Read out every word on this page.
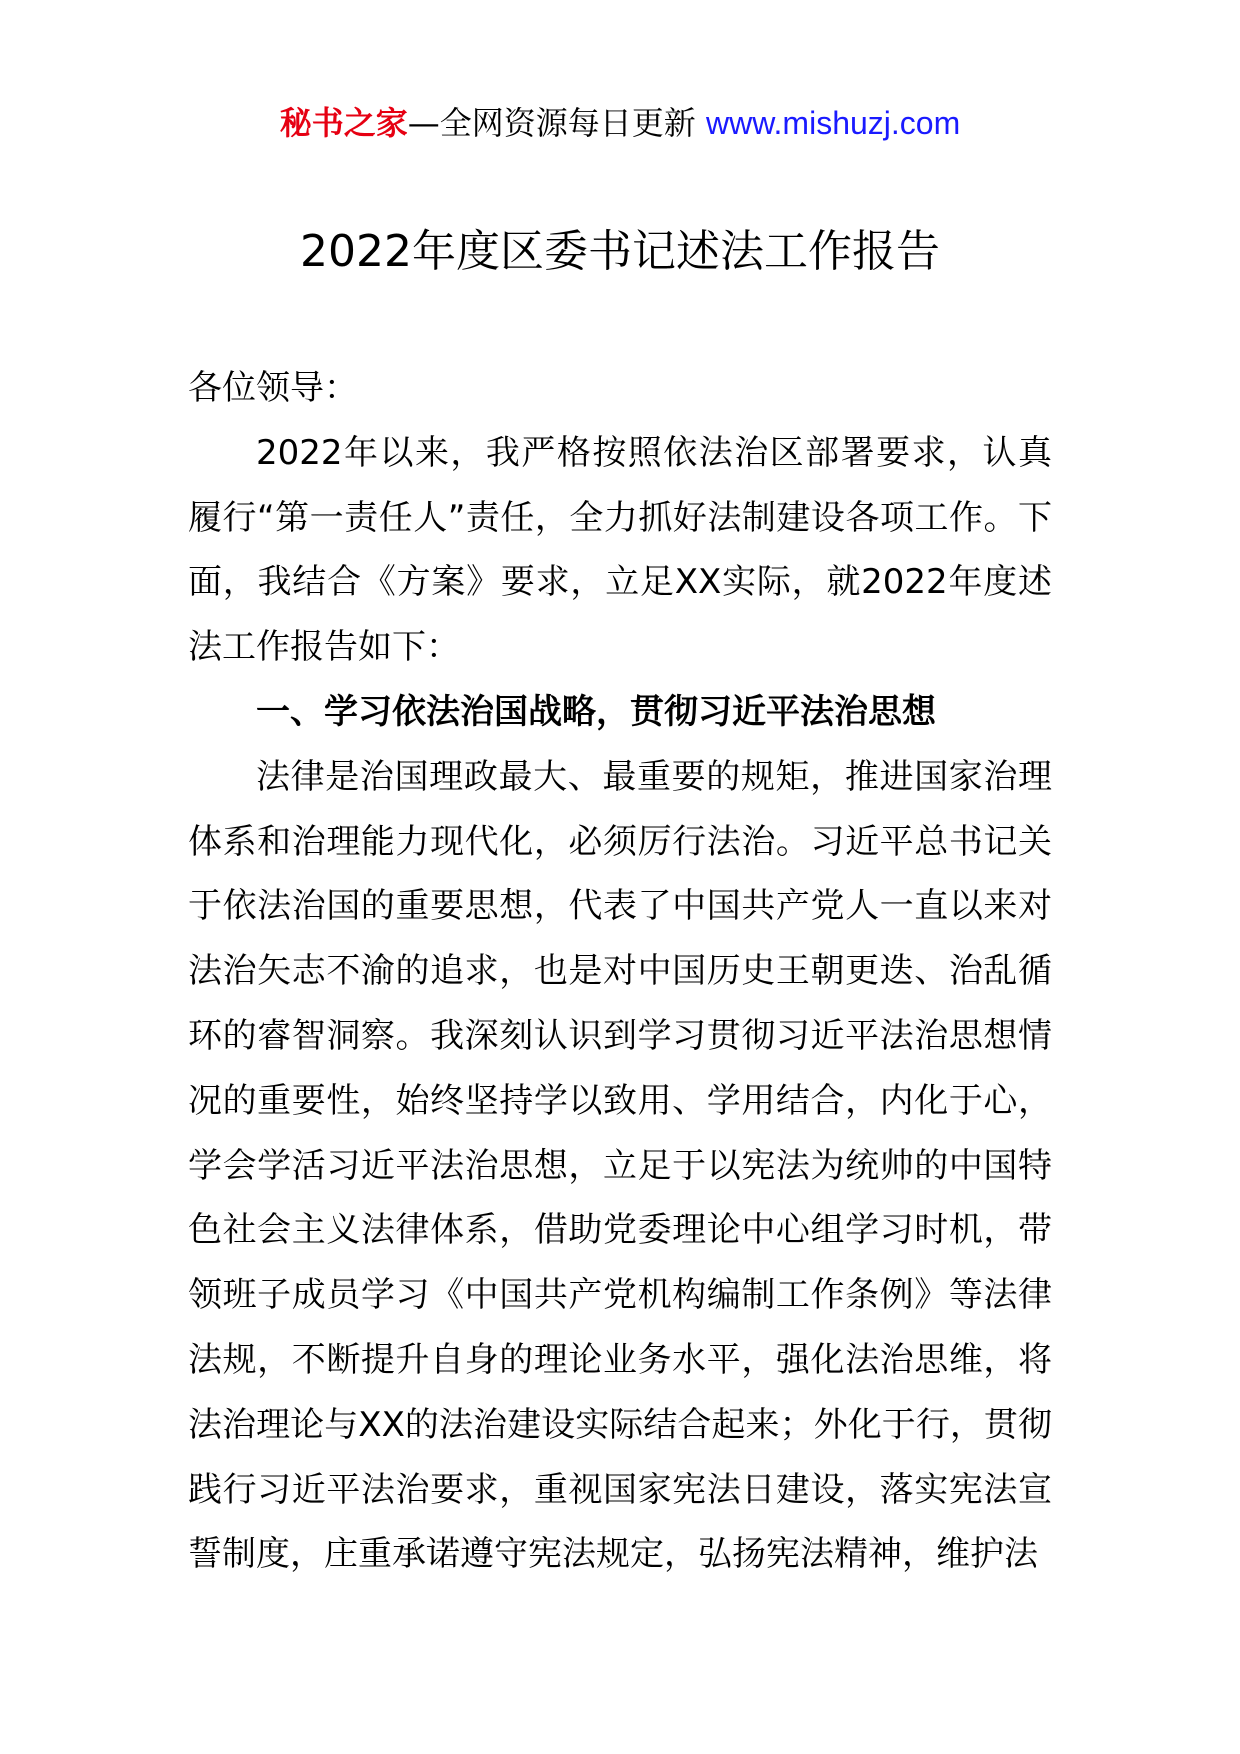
秘书之家—全网资源每日更新 www.mishuzj.com
2022年度区委书记述法工作报告

各位领导：

2022年以来，我严格按照依法治区部署要求，认真履行“第一责任人”责任，全力抓好法制建设各项工作。下面，我结合《方案》要求，立足XX实际，就2022年度述法工作报告如下：

一、学习依法治国战略，贯彻习近平法治思想

法律是治国理政最大、最重要的规矩，推进国家治理体系和治理能力现代化，必须厉行法治。习近平总书记关于依法治国的重要思想，代表了中国共产党人一直以来对法治矢志不渝的追求，也是对中国历史王朝更迭、治乱循环的睿智洞察。我深刻认识到学习贯彻习近平法治思想情况的重要性，始终坚持学以致用、学用结合，内化于心，学会学活习近平法治思想，立足于以宪法为统帅的中国特色社会主义法律体系，借助党委理论中心组学习时机，带领班子成员学习《中国共产党机构编制工作条例》等法律法规，不断提升自身的理论业务水平，强化法治思维，将法治理论与XX的法治建设实际结合起来；外化于行，贯彻践行习近平法治要求，重视国家宪法日建设，落实宪法宣誓制度，庄重承诺遵守宪法规定，弘扬宪法精神，维护法
